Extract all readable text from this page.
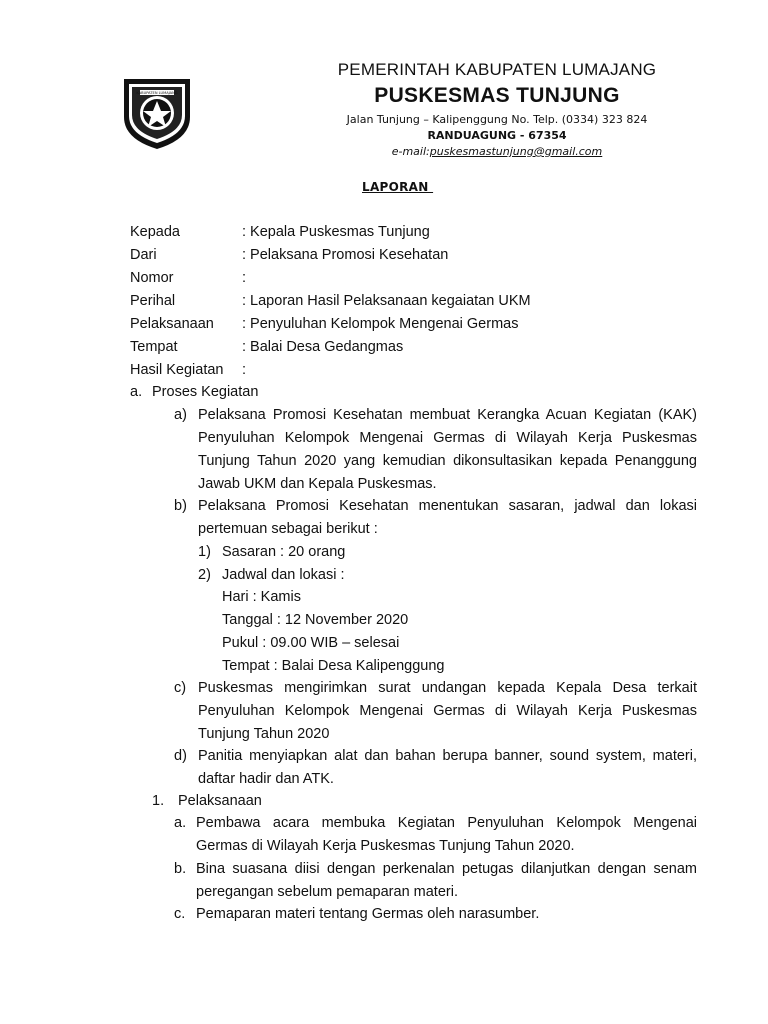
KABUPATEN LUMAJANG
PEMERINTAH KABUPATEN LUMAJANG
PUSKESMAS TUNJUNG
Jalan Tunjung – Kalipenggung No. Telp. (0334) 323 824
RANDUAGUNG - 67354
e-mail:puskesmastunjung@gmail.com
LAPORAN
Kepada	: Kepala Puskesmas Tunjung
Dari	: Pelaksana Promosi Kesehatan
Nomor	:
Perihal	: Laporan Hasil Pelaksanaan kegaiatan UKM
Pelaksanaan : Penyuluhan Kelompok Mengenai Germas
Tempat	: Balai Desa Gedangmas
Hasil Kegiatan :
a. Proses Kegiatan
a) Pelaksana Promosi Kesehatan membuat Kerangka Acuan Kegiatan (KAK)
Penyuluhan Kelompok Mengenai Germas di Wilayah Kerja Puskesmas
Tunjung Tahun 2020 yang kemudian dikonsultasikan kepada Penanggung
Jawab UKM dan Kepala Puskesmas.
b) Pelaksana Promosi Kesehatan menentukan sasaran, jadwal dan lokasi
pertemuan sebagai berikut :
1) Sasaran : 20 orang
2) Jadwal dan lokasi :
Hari : Kamis
Tanggal : 12 November 2020
Pukul : 09.00 WIB – selesai
Tempat : Balai Desa Kalipenggung
c) Puskesmas mengirimkan surat undangan kepada Kepala Desa terkait
Penyuluhan Kelompok Mengenai Germas di Wilayah Kerja Puskesmas
Tunjung Tahun 2020
d) Panitia menyiapkan alat dan bahan berupa banner, sound system, materi,
daftar hadir dan ATK.
1. Pelaksanaan
a. Pembawa acara membuka Kegiatan Penyuluhan Kelompok Mengenai
Germas di Wilayah Kerja Puskesmas Tunjung Tahun 2020.
b. Bina suasana diisi dengan perkenalan petugas dilanjutkan dengan senam
peregangan sebelum pemaparan materi.
c. Pemaparan materi tentang Germas oleh narasumber.
